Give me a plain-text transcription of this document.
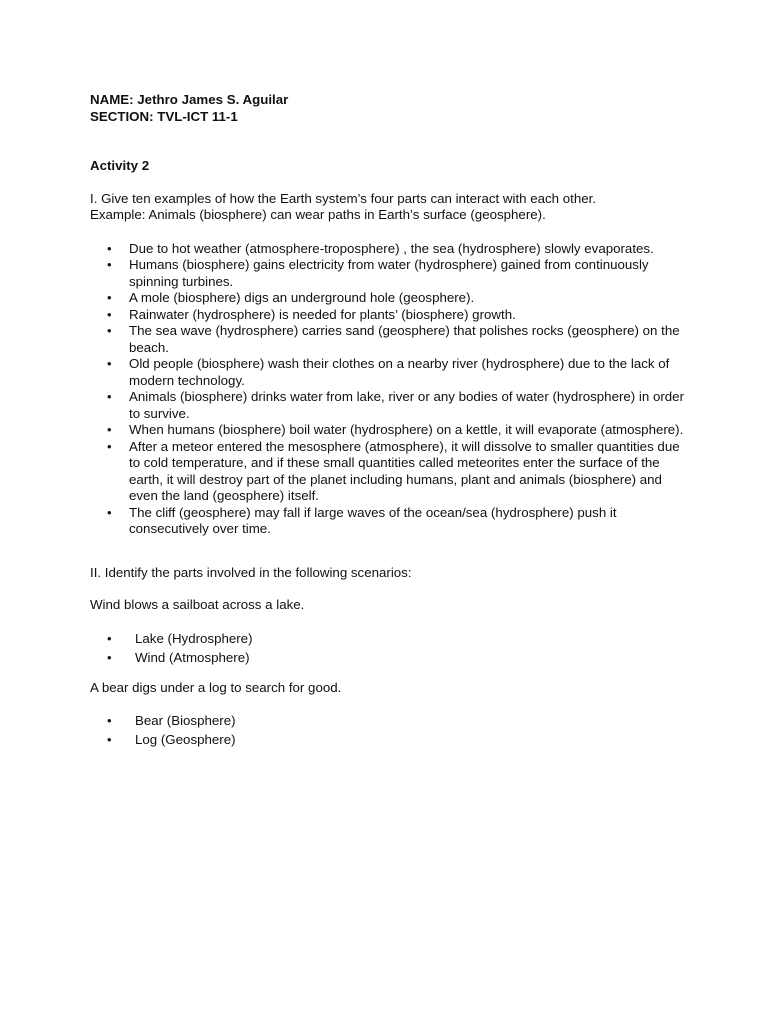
NAME: Jethro James S. Aguilar

SECTION: TVL-ICT 11-1

Activity 2

I. Give ten examples of how the Earth system’s four parts can interact with each other.

Example: Animals (biosphere) can wear paths in Earth’s surface (geosphere).

• Due to hot weather (atmosphere-troposphere) , the sea (hydrosphere) slowly evaporates.
• Humans (biosphere) gains electricity from water (hydrosphere) gained from continuously spinning turbines.
• A mole (biosphere) digs an underground hole (geosphere).
• Rainwater (hydrosphere) is needed for plants’ (biosphere) growth.
• The sea wave (hydrosphere) carries sand (geosphere) that polishes rocks (geosphere) on the beach.
• Old people (biosphere) wash their clothes on a nearby river (hydrosphere) due to the lack of modern technology.
• Animals (biosphere) drinks water from lake, river or any bodies of water (hydrosphere) in order to survive.
• When humans (biosphere) boil water (hydrosphere) on a kettle, it will evaporate (atmosphere).
• After a meteor entered the mesosphere (atmosphere), it will dissolve to smaller quantities due to cold temperature, and if these small quantities called meteorites enter the surface of the earth, it will destroy part of the planet including humans, plant and animals (biosphere) and even the land (geosphere) itself.
• The cliff (geosphere) may fall if large waves of the ocean/sea (hydrosphere) push it consecutively over time.

II. Identify the parts involved in the following scenarios:

Wind blows a sailboat across a lake.

• Lake (Hydrosphere)
• Wind (Atmosphere)

A bear digs under a log to search for good.

• Bear (Biosphere)
• Log (Geosphere)
